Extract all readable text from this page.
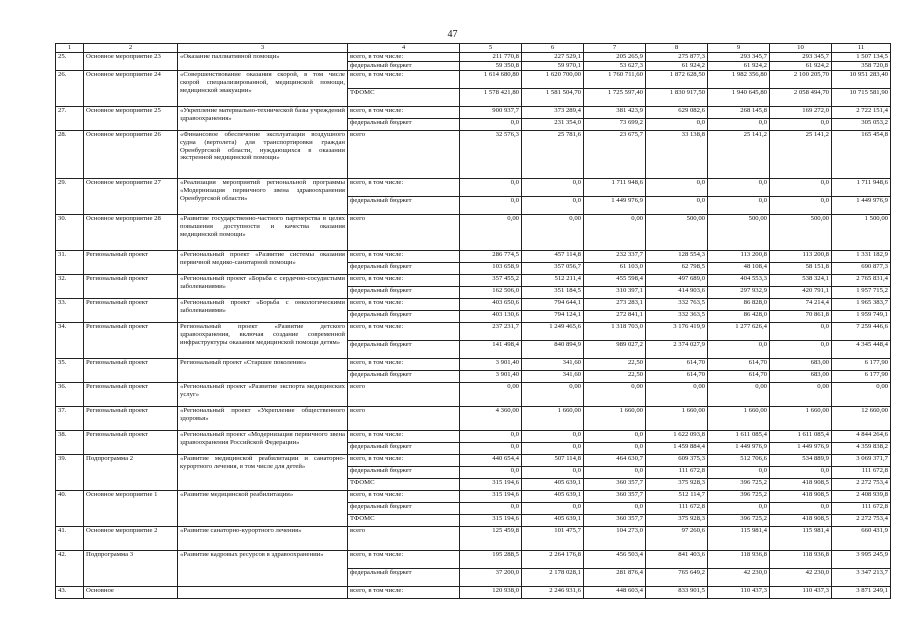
47
1	2	3	4	5	6	7	8	9	10	11
25.	Основное мероприятие 23	«Оказание паллиативной помощи»	всего, в том числе:	211 770,8	227 529,1	205 265,9	275 877,3	293 345,7	293 345,7	1 507 134,5
			федеральный бюджет	59 350,8	59 970,1	53 627,3	61 924,2	61 924,2	61 924,2	358 720,8
26.	Основное мероприятие 24	«Совершенствование оказания скорой, в том числе скорой специализированной, медицинской помощи, медицинской эвакуации»	всего, в том числе:	1 614 680,80	1 620 700,00	1 760 711,60	1 872 628,50	1 982 356,80	2 100 205,70	10 951 283,40
			ТФОМС	1 578 421,80	1 581 504,70	1 725 597,40	1 830 917,50	1 940 645,80	2 058 494,70	10 715 581,90
27.	Основное мероприятие 25	«Укрепление материально-технической базы учреждений здравоохранения»	всего, в том числе:	900 937,7	373 289,4	381 423,9	629 082,6	268 145,8	169 272,0	2 722 151,4
			федеральный бюджет	0,0	231 354,0	73 699,2	0,0	0,0	0,0	305 053,2
28.	Основное мероприятие 26	«Финансовое обеспечение эксплуатации воздушного судна (вертолета) для транспортировки граждан Оренбургской области, нуждающихся в оказании экстренной медицинской помощи»	всего	32 576,3	25 781,6	23 675,7	33 138,8	25 141,2	25 141,2	165 454,8
29.	Основное мероприятие 27	«Реализация мероприятий региональной программы «Модернизация первичного звена здравоохранения Оренбургской области»	всего, в том числе:	0,0	0,0	1 711 948,6	0,0	0,0	0,0	1 711 948,6
			федеральный бюджет	0,0	0,0	1 449 976,9	0,0	0,0	0,0	1 449 976,9
30.	Основное мероприятие 28	«Развитие государственно-частного партнерства в целях повышения доступности и качества оказания медицинской помощи»	всего	0,00	0,00	0,00	500,00	500,00	500,00	1 500,00
31.	Региональный проект	«Региональный проект «Развитие системы оказания первичной медико-санитарной помощи»	всего, в том числе:	286 774,5	457 114,8	232 337,7	128 554,3	113 200,8	113 200,8	1 331 182,9
			федеральный бюджет	103 658,9	357 056,7	61 103,0	62 798,5	48 108,4	58 151,8	690 877,3
32.	Региональный проект	«Региональный проект «Борьба с сердечно-сосудистыми заболеваниями»	всего, в том числе:	357 455,2	512 211,4	455 598,4	497 689,0	404 553,3	538 324,1	2 765 831,4
			федеральный бюджет	162 506,0	351 184,5	310 397,1	414 903,6	297 932,9	420 791,1	1 957 715,2
33.	Региональный проект	«Региональный проект «Борьба с онкологическими заболеваниями»	всего, в том числе:	403 650,6	794 644,1	273 283,1	332 763,5	86 828,0	74 214,4	1 965 383,7
			федеральный бюджет	403 130,6	794 124,1	272 841,1	332 363,5	86 428,0	70 861,8	1 959 749,1
34.	Региональный проект	Региональный проект «Развитие детского здравоохранения, включая создание современной инфраструктуры оказания медицинской помощи детям»	всего, в том числе:	237 231,7	1 249 465,6	1 318 703,0	3 176 419,9	1 277 626,4	0,0	7 259 446,6
			федеральный бюджет	141 498,4	840 894,9	989 027,2	2 374 027,9	0,0	0,0	4 345 448,4
35.	Региональный проект	Региональный проект «Старшее поколение»	всего, в том числе:	3 901,40	341,60	22,50	614,70	614,70	683,00	6 177,90
			федеральный бюджет	3 901,40	341,60	22,50	614,70	614,70	683,00	6 177,90
36.	Региональный проект	«Региональный проект «Развитие экспорта медицинских услуг»	всего	0,00	0,00	0,00	0,00	0,00	0,00	0,00
37.	Региональный проект	«Региональный проект «Укрепление общественного здоровья»	всего	4 360,00	1 660,00	1 660,00	1 660,00	1 660,00	1 660,00	12 660,00
38.	Региональный проект	«Региональный проект «Модернизация первичного звена здравоохранения Российской Федерации»	всего, в том числе:	0,0	0,0	0,0	1 622 093,8	1 611 085,4	1 611 085,4	4 844 264,6
			федеральный бюджет	0,0	0,0	0,0	1 459 884,4	1 449 976,9	1 449 976,9	4 359 838,2
39.	Подпрограмма 2	«Развитие медицинской реабилитации и санаторно-курортного лечения, в том числе для детей»	всего, в том числе:	440 654,4	507 114,8	464 630,7	609 375,3	512 706,6	534 889,9	3 069 371,7
			федеральный бюджет	0,0	0,0	0,0	111 672,8	0,0	0,0	111 672,8
			ТФОМС	315 194,6	405 639,1	360 357,7	375 928,3	396 725,2	418 908,5	2 272 753,4
40.	Основное мероприятие 1	«Развитие медицинской реабилитации»	всего, в том числе:	315 194,6	405 639,1	360 357,7	512 114,7	396 725,2	418 908,5	2 408 939,8
			федеральный бюджет	0,0	0,0	0,0	111 672,8	0,0	0,0	111 672,8
			ТФОМС	315 194,6	405 639,1	360 357,7	375 928,3	396 725,2	418 908,5	2 272 753,4
41.	Основное мероприятие 2	«Развитие санаторно-курортного лечения»	всего	125 459,8	101 475,7	104 273,0	97 260,6	115 981,4	115 981,4	660 431,9
42.	Подпрограмма 3	«Развитие кадровых ресурсов в здравоохранении»	всего, в том числе:	195 288,5	2 264 176,8	456 503,4	841 403,6	118 936,8	118 936,8	3 995 245,9
			федеральный бюджет	37 200,0	2 178 028,1	281 876,4	765 649,2	42 230,0	42 230,0	3 347 213,7
43.	Основное		всего, в том числе:	120 938,0	2 246 931,6	448 603,4	833 901,5	110 437,3	110 437,3	3 871 249,1
